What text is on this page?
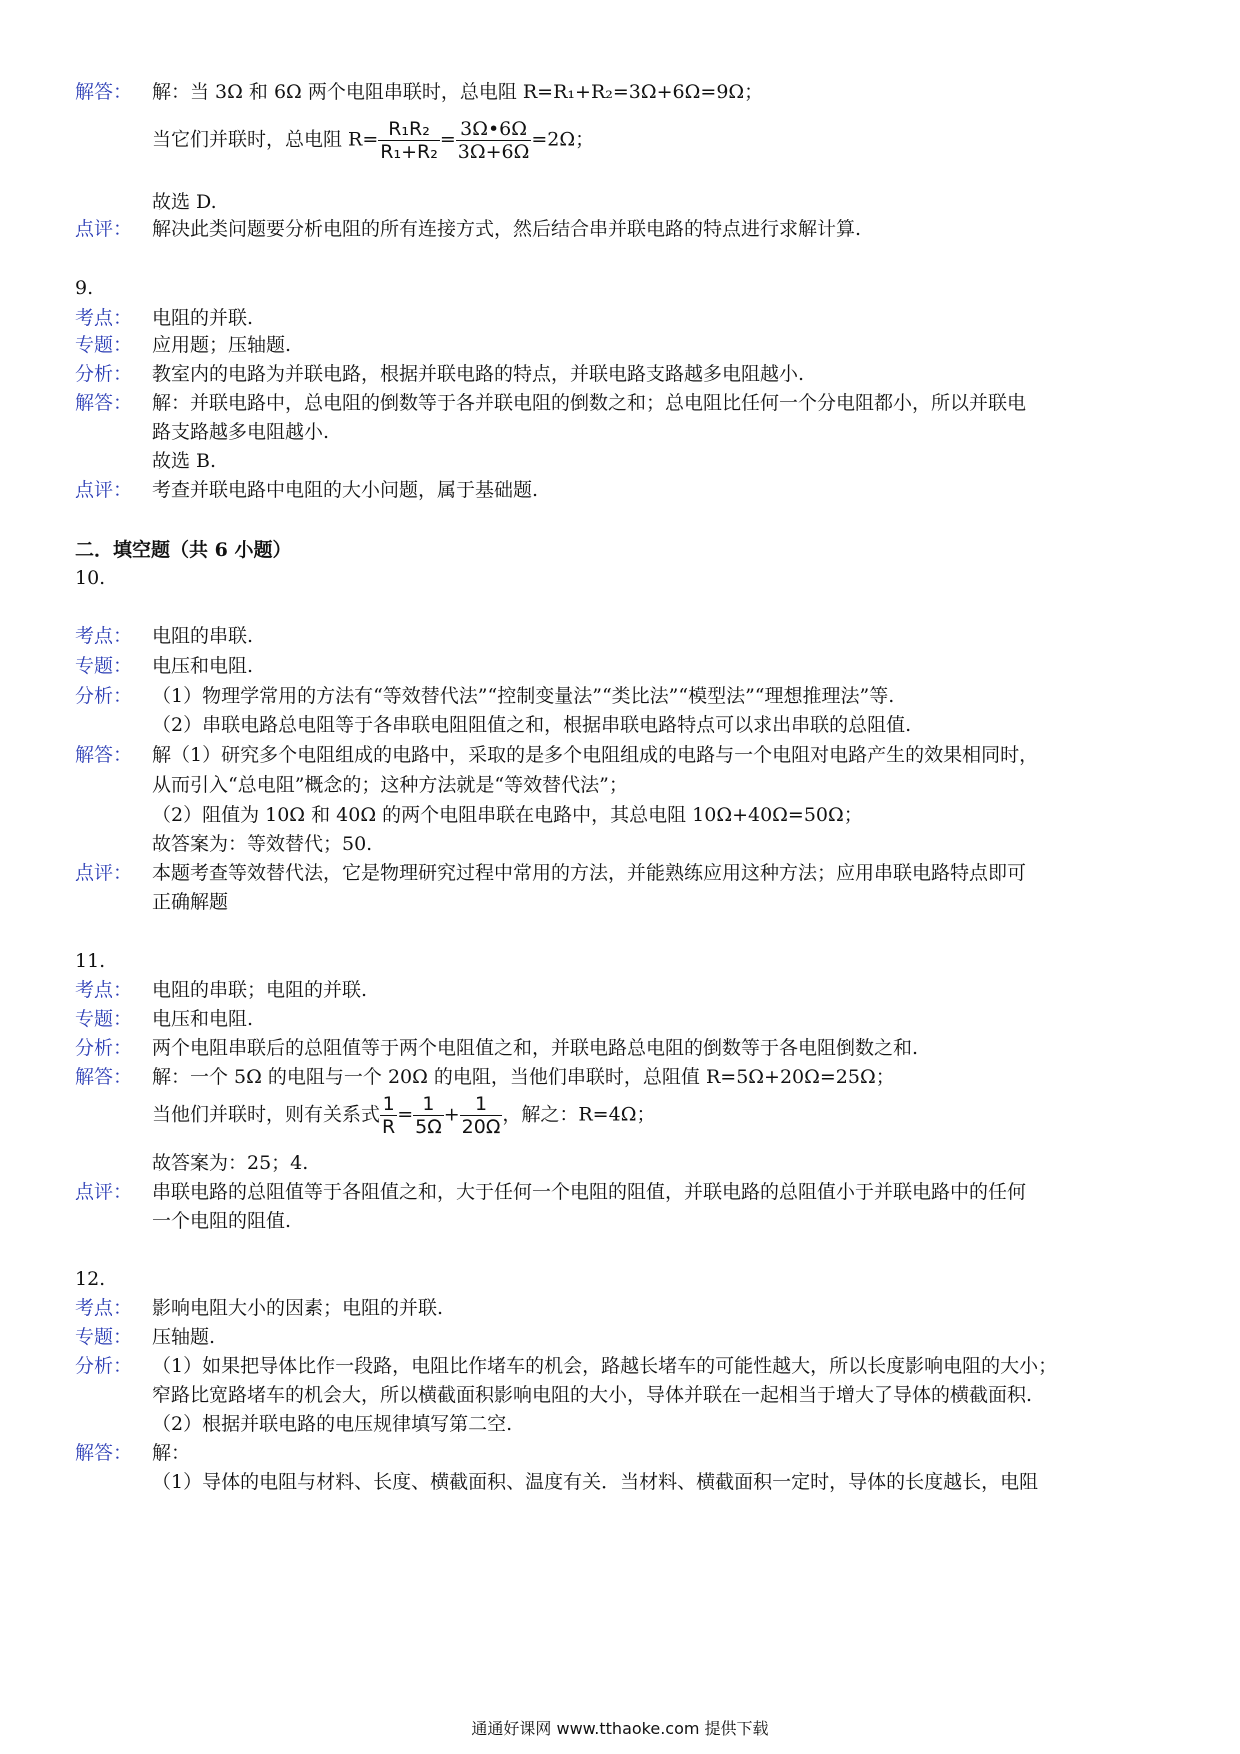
解答：	解：当 3Ω 和 6Ω 两个电阻串联时，总电阻 R=R₁+R₂=3Ω+6Ω=9Ω；
当它们并联时，总电阻 $R= \frac{\text{R₁R₂}}{\text{R₁+R₂}} = \frac{3\Omega•6\Omega}{3\Omega+6\Omega} =2\Omega$；
故选 D.
点评：	解决此类问题要分析电阻的所有连接方式，然后结合串并联电路的特点进行求解计算.
9.
考点：	电阻的并联.
专题：	应用题；压轴题.
分析：	教室内的电路为并联电路，根据并联电路的特点，并联电路支路越多电阻越小.
解答：	解：并联电路中，总电阻的倒数等于各并联电阻的倒数之和；总电阻比任何一个分电阻都小，所以并联电
路支路越多电阻越小.
故选 B.
点评：	考查并联电路中电阻的大小问题，属于基础题.
二．填空题（共 6 小题）
10.
考点：	电阻的串联.
专题：	电压和电阻.
分析：	（1）物理学常用的方法有“等效替代法”“控制变量法”“类比法”“模型法”“理想推理法”等.
（2）串联电路总电阻等于各串联电阻阻值之和，根据串联电路特点可以求出串联的总阻值.
解答：	解（1）研究多个电阻组成的电路中，采取的是多个电阻组成的电路与一个电阻对电路产生的效果相同时，
从而引入“总电阻”概念的；这种方法就是“等效替代法”；
（2）阻值为 10Ω 和 40Ω 的两个电阻串联在电路中，其总电阻 10Ω+40Ω=50Ω；
故答案为：等效替代；50.
点评：	本题考查等效替代法，它是物理研究过程中常用的方法，并能熟练应用这种方法；应用串联电路特点即可
正确解题
11.
考点：	电阻的串联；电阻的并联.
专题：	电压和电阻.
分析：	两个电阻串联后的总阻值等于两个电阻值之和，并联电路总电阻的倒数等于各电阻倒数之和.
解答：	解：一个 5Ω 的电阻与一个 20Ω 的电阻，当他们串联时，总阻值 R=5Ω+20Ω=25Ω；
当他们并联时，则有关系式 $\frac{1}{R} = \frac{1}{5\Omega} + \frac{1}{20\Omega}$ ，解之：R=4Ω；
故答案为：25；4.
点评：	串联电路的总阻值等于各阻值之和，大于任何一个电阻的阻值，并联电路的总阻值小于并联电路中的任何
一个电阻的阻值.
12.
考点：	影响电阻大小的因素；电阻的并联.
专题：	压轴题.
分析：	（1）如果把导体比作一段路，电阻比作堵车的机会，路越长堵车的可能性越大，所以长度影响电阻的大小；
窄路比宽路堵车的机会大，所以横截面积影响电阻的大小，导体并联在一起相当于增大了导体的横截面积.
（2）根据并联电路的电压规律填写第二空.
解答：	解：
（1）导体的电阻与材料、长度、横截面积、温度有关．当材料、横截面积一定时，导体的长度越长，电阻
通通好课网 www.tthaoke.com 提供下载
